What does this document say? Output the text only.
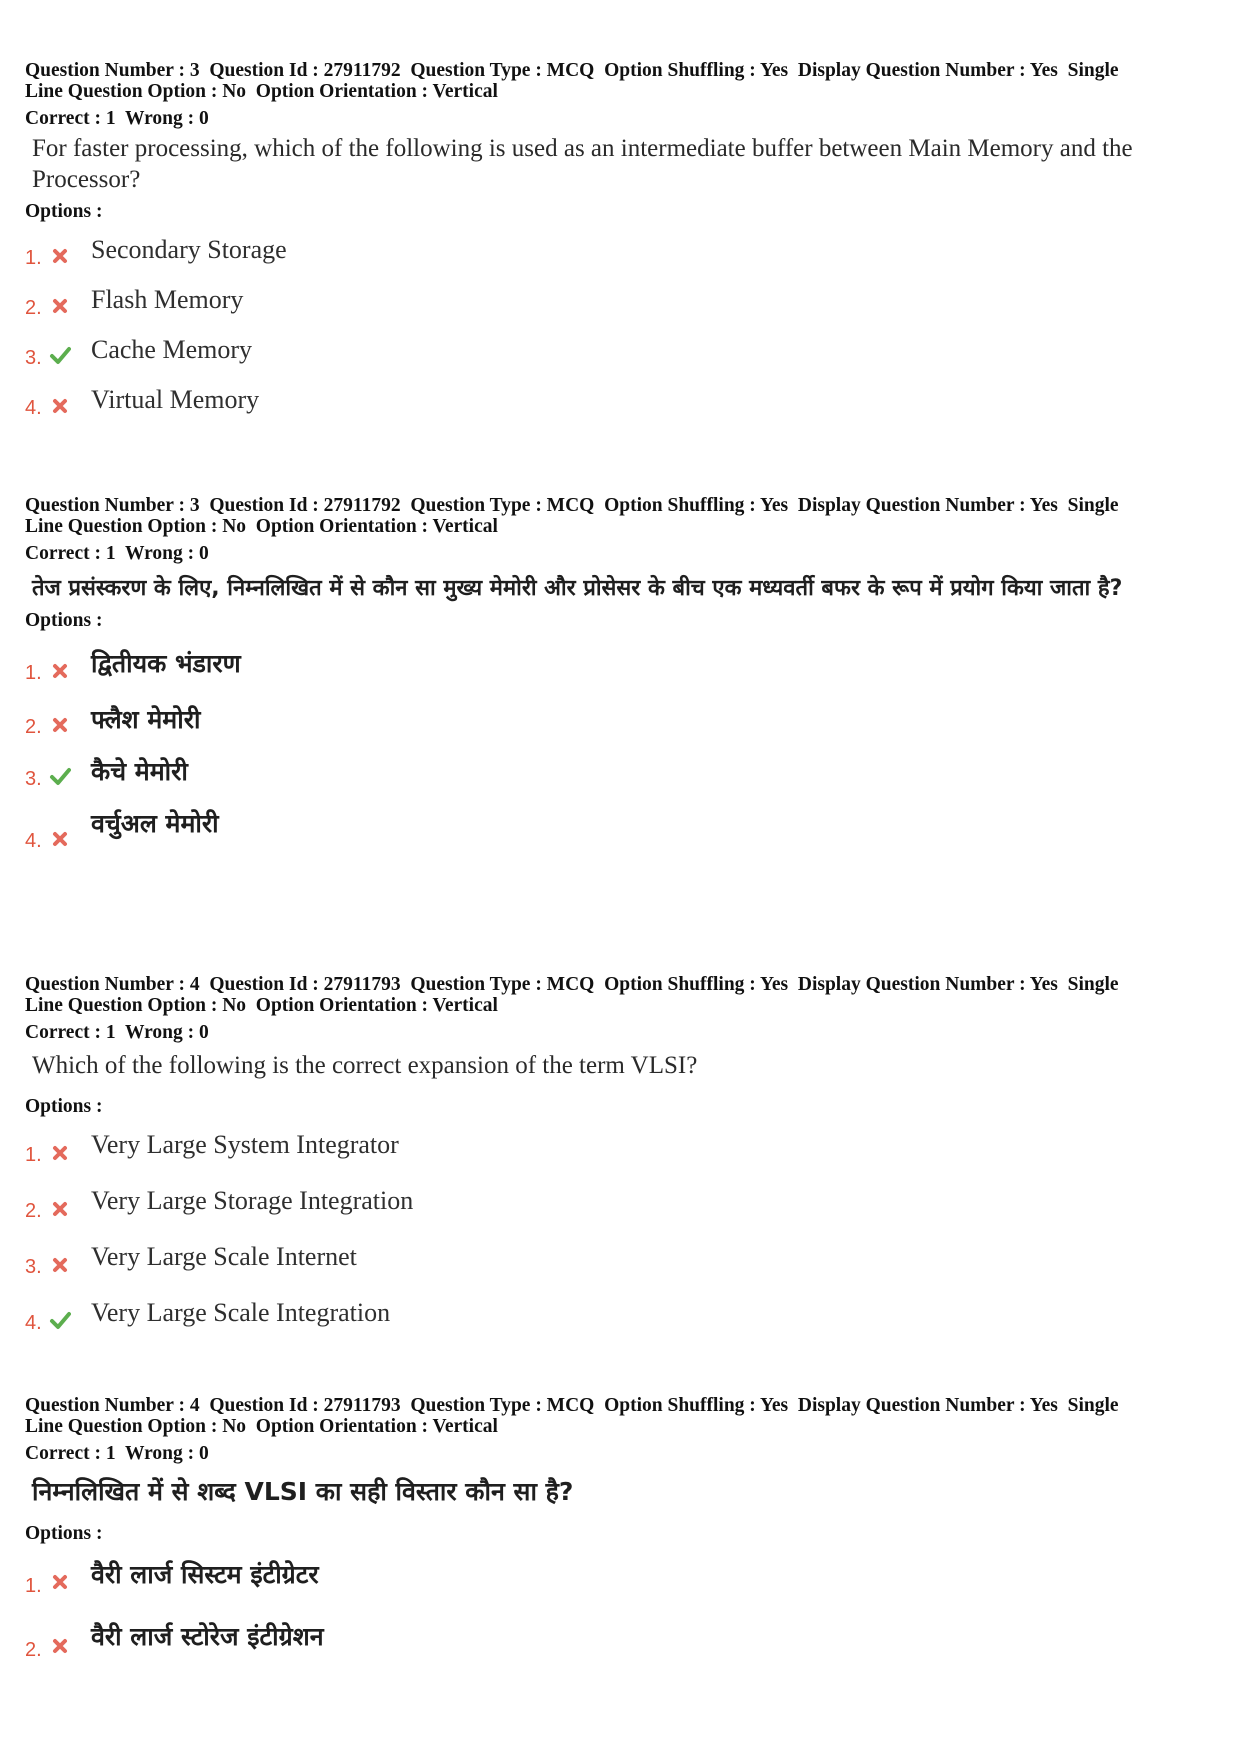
Question Number : 3  Question Id : 27911792  Question Type : MCQ  Option Shuffling : Yes  Display Question Number : Yes  Single
Line Question Option : No  Option Orientation : Vertical
Correct : 1  Wrong : 0
For faster processing, which of the following is used as an intermediate buffer between Main Memory and the Processor?
Options :
1. Secondary Storage
2. Flash Memory
3. Cache Memory
4. Virtual Memory
Question Number : 3  Question Id : 27911792  Question Type : MCQ  Option Shuffling : Yes  Display Question Number : Yes  Single
Line Question Option : No  Option Orientation : Vertical
Correct : 1  Wrong : 0
तेज प्रसंस्करण के लिए, निम्नलिखित में से कौन सा मुख्य मेमोरी और प्रोसेसर के बीच एक मध्यवर्ती बफर के रूप में प्रयोग किया जाता है?
Options :
1. द्वितीयक भंडारण
2. फ्लैश मेमोरी
3. कैचे मेमोरी
4.
वर्चुअल मेमोरी
Question Number : 4  Question Id : 27911793  Question Type : MCQ  Option Shuffling : Yes  Display Question Number : Yes  Single
Line Question Option : No  Option Orientation : Vertical
Correct : 1  Wrong : 0
Which of the following is the correct expansion of the term VLSI?
Options :
1. Very Large System Integrator
2. Very Large Storage Integration
3. Very Large Scale Internet
4. Very Large Scale Integration
Question Number : 4  Question Id : 27911793  Question Type : MCQ  Option Shuffling : Yes  Display Question Number : Yes  Single
Line Question Option : No  Option Orientation : Vertical
Correct : 1  Wrong : 0
निम्नलिखित में से शब्द VLSI का सही विस्तार कौन सा है?
Options :
1. वैरी लार्ज सिस्टम इंटीग्रेटर
2. वैरी लार्ज स्टोरेज इंटीग्रेशन
